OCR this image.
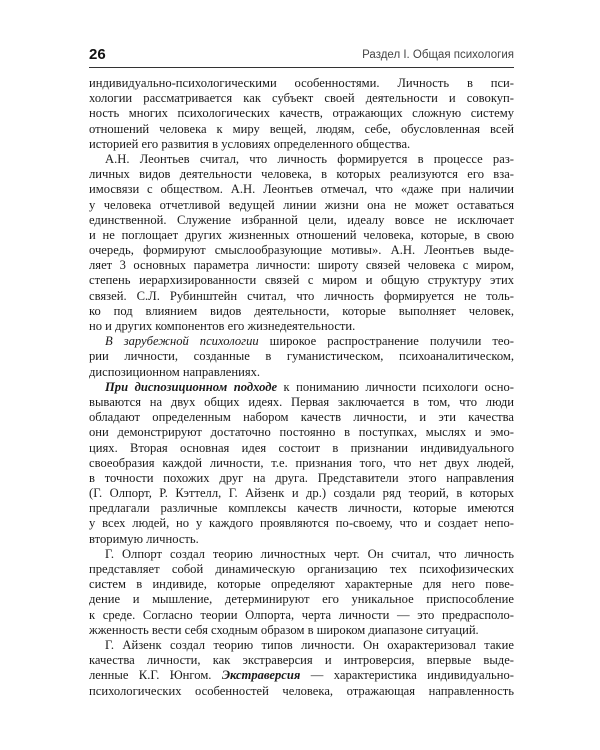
26	Раздел I. Общая психология
индивидуально-психологическими особенностями. Личность в пси-
хологии рассматривается как субъект своей деятельности и совокуп-
ность многих психологических качеств, отражающих сложную систему
отношений человека к миру вещей, людям, себе, обусловленная всей
историей его развития в условиях определенного общества.
А.Н. Леонтьев считал, что личность формируется в процессе раз-
личных видов деятельности человека, в которых реализуются его вза-
имосвязи с обществом. А.Н. Леонтьев отмечал, что «даже при наличии
у человека отчетливой ведущей линии жизни она не может оставаться
единственной. Служение избранной цели, идеалу вовсе не исключает
и не поглощает других жизненных отношений человека, которые, в свою
очередь, формируют смыслообразующие мотивы». А.Н. Леонтьев выде-
ляет 3 основных параметра личности: широту связей человека с миром,
степень иерархизированности связей с миром и общую структуру этих
связей. С.Л. Рубинштейн считал, что личность формируется не толь-
ко под влиянием видов деятельности, которые выполняет человек,
но и других компонентов его жизнедеятельности.
В зарубежной психологии широкое распространение получили тео-
рии личности, созданные в гуманистическом, психоаналитическом,
диспозиционном направлениях.
При диспозиционном подходе к пониманию личности психологи осно-
вываются на двух общих идеях. Первая заключается в том, что люди
обладают определенным набором качеств личности, и эти качества
они демонстрируют достаточно постоянно в поступках, мыслях и эмо-
циях. Вторая основная идея состоит в признании индивидуального
своеобразия каждой личности, т.е. признания того, что нет двух людей,
в точности похожих друг на друга. Представители этого направления
(Г. Олпорт, Р. Кэттелл, Г. Айзенк и др.) создали ряд теорий, в которых
предлагали различные комплексы качеств личности, которые имеются
у всех людей, но у каждого проявляются по-своему, что и создает непо-
вторимую личность.
Г. Олпорт создал теорию личностных черт. Он считал, что личность
представляет собой динамическую организацию тех психофизических
систем в индивиде, которые определяют характерные для него пове-
дение и мышление, детерминируют его уникальное приспособление
к среде. Согласно теории Олпорта, черта личности — это предрасполо-
жженность вести себя сходным образом в широком диапазоне ситуаций.
Г. Айзенк создал теорию типов личности. Он охарактеризовал такие
качества личности, как экстраверсия и интроверсия, впервые выде-
ленные К.Г. Юнгом. Экстраверсия — характеристика индивидуально-
психологических особенностей человека, отражающая направленность
